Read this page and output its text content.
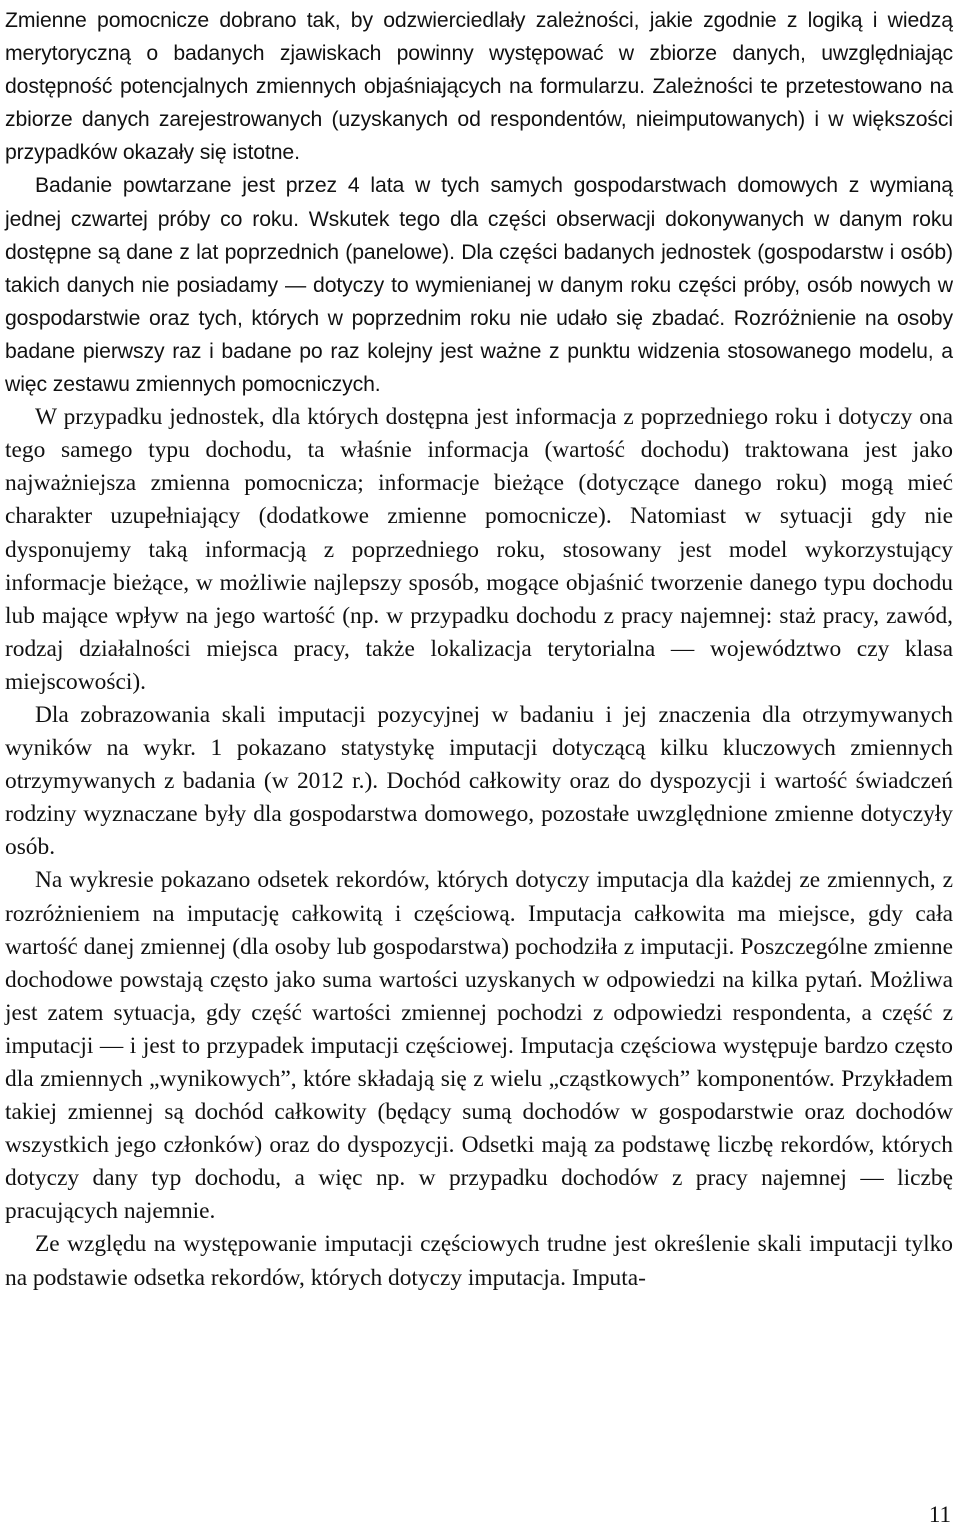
Zmienne pomocnicze dobrano tak, by odzwierciedlały zależności, jakie zgodnie z logiką i wiedzą merytoryczną o badanych zjawiskach powinny występować w zbiorze danych, uwzględniając dostępność potencjalnych zmiennych objaśniających na formularzu. Zależności te przetestowano na zbiorze danych zarejestrowanych (uzyskanych od respondentów, nieimputowanych) i w większości przypadków okazały się istotne.

Badanie powtarzane jest przez 4 lata w tych samych gospodarstwach domowych z wymianą jednej czwartej próby co roku. Wskutek tego dla części obserwacji dokonywanych w danym roku dostępne są dane z lat poprzednich (panelowe). Dla części badanych jednostek (gospodarstw i osób) takich danych nie posiadamy — dotyczy to wymienianej w danym roku części próby, osób nowych w gospodarstwie oraz tych, których w poprzednim roku nie udało się zbadać. Rozróżnienie na osoby badane pierwszy raz i badane po raz kolejny jest ważne z punktu widzenia stosowanego modelu, a więc zestawu zmiennych pomocniczych.

W przypadku jednostek, dla których dostępna jest informacja z poprzedniego roku i dotyczy ona tego samego typu dochodu, ta właśnie informacja (wartość dochodu) traktowana jest jako najważniejsza zmienna pomocnicza; informacje bieżące (dotyczące danego roku) mogą mieć charakter uzupełniający (dodatkowe zmienne pomocnicze). Natomiast w sytuacji gdy nie dysponujemy taką informacją z poprzedniego roku, stosowany jest model wykorzystujący informacje bieżące, w możliwie najlepszy sposób, mogące objaśnić tworzenie danego typu dochodu lub mające wpływ na jego wartość (np. w przypadku dochodu z pracy najemnej: staż pracy, zawód, rodzaj działalności miejsca pracy, także lokalizacja terytorialna — województwo czy klasa miejscowości).

Dla zobrazowania skali imputacji pozycyjnej w badaniu i jej znaczenia dla otrzymywanych wyników na wykr. 1 pokazano statystykę imputacji dotyczącą kilku kluczowych zmiennych otrzymywanych z badania (w 2012 r.). Dochód całkowity oraz do dyspozycji i wartość świadczeń rodziny wyznaczane były dla gospodarstwa domowego, pozostałe uwzględnione zmienne dotyczyły osób.

Na wykresie pokazano odsetek rekordów, których dotyczy imputacja dla każdej ze zmiennych, z rozróżnieniem na imputację całkowitą i częściową. Imputacja całkowita ma miejsce, gdy cała wartość danej zmiennej (dla osoby lub gospodarstwa) pochodziła z imputacji. Poszczególne zmienne dochodowe powstają często jako suma wartości uzyskanych w odpowiedzi na kilka pytań. Możliwa jest zatem sytuacja, gdy część wartości zmiennej pochodzi z odpowiedzi respondenta, a część z imputacji — i jest to przypadek imputacji częściowej. Imputacja częściowa występuje bardzo często dla zmiennych „wynikowych”, które składają się z wielu „cząstkowych” komponentów. Przykładem takiej zmiennej są dochód całkowity (będący sumą dochodów w gospodarstwie oraz dochodów wszystkich jego członków) oraz do dyspozycji. Odsetki mają za podstawę liczbę rekordów, których dotyczy dany typ dochodu, a więc np. w przypadku dochodów z pracy najemnej — liczbę pracujących najemnie.

Ze względu na występowanie imputacji częściowych trudne jest określenie skali imputacji tylko na podstawie odsetka rekordów, których dotyczy imputacja. Imputa-

11
